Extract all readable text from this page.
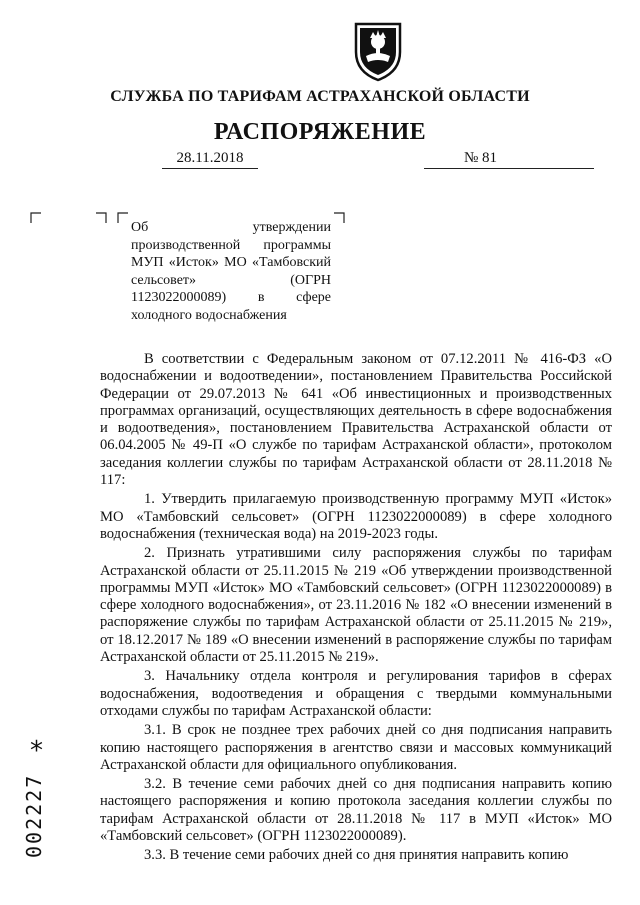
СЛУЖБА ПО ТАРИФАМ АСТРАХАНСКОЙ ОБЛАСТИ
РАСПОРЯЖЕНИЕ
28.11.2018	№ 81
Об утверждении производственной программы МУП «Исток» МО «Тамбовский сельсовет» (ОГРН 1123022000089) в сфере холодного водоснабжения

В соответствии с Федеральным законом от 07.12.2011 № 416-ФЗ «О водоснабжении и водоотведении», постановлением Правительства Российской Федерации от 29.07.2013 № 641 «Об инвестиционных и производственных программах организаций, осуществляющих деятельность в сфере водоснабжения и водоотведения», постановлением Правительства Астраханской области от 06.04.2005 № 49-П «О службе по тарифам Астраханской области», протоколом заседания коллегии службы по тарифам Астраханской области от 28.11.2018 № 117:

1. Утвердить прилагаемую производственную программу МУП «Исток» МО «Тамбовский сельсовет» (ОГРН 1123022000089) в сфере холодного водоснабжения (техническая вода) на 2019-2023 годы.

2. Признать утратившими силу распоряжения службы по тарифам Астраханской области от 25.11.2015 № 219 «Об утверждении производственной программы МУП «Исток» МО «Тамбовский сельсовет» (ОГРН 1123022000089) в сфере холодного водоснабжения», от 23.11.2016 № 182 «О внесении изменений в распоряжение службы по тарифам Астраханской области от 25.11.2015 № 219», от 18.12.2017 № 189 «О внесении изменений в распоряжение службы по тарифам Астраханской области от 25.11.2015 № 219».

3. Начальнику отдела контроля и регулирования тарифов в сферах водоснабжения, водоотведения и обращения с твердыми коммунальными отходами службы по тарифам Астраханской области:

3.1. В срок не позднее трех рабочих дней со дня подписания направить копию настоящего распоряжения в агентство связи и массовых коммуникаций Астраханской области для официального опубликования.

3.2. В течение семи рабочих дней со дня подписания направить копию настоящего распоряжения и копию протокола заседания коллегии службы по тарифам Астраханской области от 28.11.2018 № 117 в МУП «Исток» МО «Тамбовский сельсовет» (ОГРН 1123022000089).

3.3. В течение семи рабочих дней со дня принятия направить копию

*
002227
